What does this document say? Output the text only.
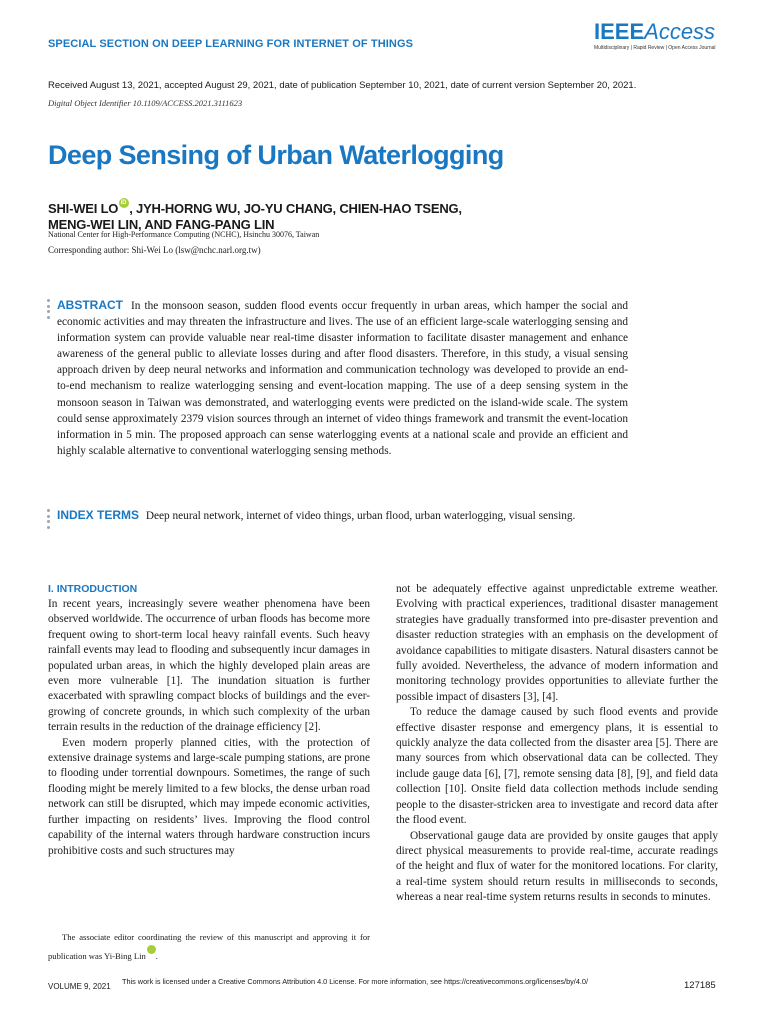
SPECIAL SECTION ON DEEP LEARNING FOR INTERNET OF THINGS	IEEEAccess
Multidisciplinary | Rapid Review | Open Access Journal
Received August 13, 2021, accepted August 29, 2021, date of publication September 10, 2021, date of current version September 20, 2021.
Digital Object Identifier 10.1109/ACCESS.2021.3111623
Deep Sensing of Urban Waterlogging
SHI-WEI LOiD , JYH-HORNG WU, JO-YU CHANG, CHIEN-HAO TSENG,
MENG-WEI LIN, AND FANG-PANG LIN
National Center for High-Performance Computing (NCHC), Hsinchu 30076, Taiwan
Corresponding author: Shi-Wei Lo (lsw@nchc.narl.org.tw)
ABSTRACT In the monsoon season, sudden flood events occur frequently in urban areas, which hamper the social and economic activities and may threaten the infrastructure and lives. The use of an efficient large-scale waterlogging sensing and information system can provide valuable near real-time disaster information to facilitate disaster management and enhance awareness of the general public to alleviate losses during and after flood disasters. Therefore, in this study, a visual sensing approach driven by deep neural networks and information and communication technology was developed to provide an end-to-end mechanism to realize waterlogging sensing and event-location mapping. The use of a deep sensing system in the monsoon season in Taiwan was demonstrated, and waterlogging events were predicted on the island-wide scale. The system could sense approximately 2379 vision sources through an internet of video things framework and transmit the event-location information in 5 min. The proposed approach can sense waterlogging events at a national scale and provide an efficient and highly scalable alternative to conventional waterlogging sensing methods.
INDEX TERMS Deep neural network, internet of video things, urban flood, urban waterlogging, visual sensing.
I. INTRODUCTION

In recent years, increasingly severe weather phenomena have been observed worldwide. The occurrence of urban floods has become more frequent owing to short-term local heavy rainfall events. Such heavy rainfall events may lead to flooding and subsequently incur damages in populated urban areas, in which the highly developed plain areas are even more vulnerable [1]. The inundation situation is further exacerbated with sprawling compact blocks of buildings and the ever-growing of concrete grounds, in which such complexity of the urban terrain results in the reduction of the drainage efficiency [2].

Even modern properly planned cities, with the protection of extensive drainage systems and large-scale pumping stations, are prone to flooding under torrential downpours. Sometimes, the range of such flooding might be merely limited to a few blocks, the dense urban road network can still be disrupted, which may impede economic activities, further impacting on residents’ lives. Improving the flood control capability of the internal waters through hardware construction incurs prohibitive costs and such structures may

not be adequately effective against unpredictable extreme weather. Evolving with practical experiences, traditional disaster management strategies have gradually transformed into pre-disaster prevention and disaster reduction strategies with an emphasis on the development of avoidance capabilities to mitigate disasters. Natural disasters cannot be fully avoided. Nevertheless, the advance of modern information and monitoring technology provides opportunities to alleviate further the possible impact of disasters [3], [4].

To reduce the damage caused by such flood events and provide effective disaster response and emergency plans, it is essential to quickly analyze the data collected from the disaster area [5]. There are many sources from which observational data can be collected. They include gauge data [6], [7], remote sensing data [8], [9], and field data collection [10]. Onsite field data collection methods include sending people to the disaster-stricken area to investigate and record data after the flood event.

Observational gauge data are provided by onsite gauges that apply direct physical measurements to provide real-time, accurate readings of the height and flux of water for the monitored locations. For clarity, a real-time system should return results in milliseconds to seconds, whereas a near real-time system returns results in seconds to minutes.

The associate editor coordinating the review of this manuscript and approving it for publication was Yi-Bing LiniD .
VOLUME 9, 2021
This work is licensed under a Creative Commons Attribution 4.0 License. For more information, see https://creativecommons.org/licenses/by/4.0/	127185
